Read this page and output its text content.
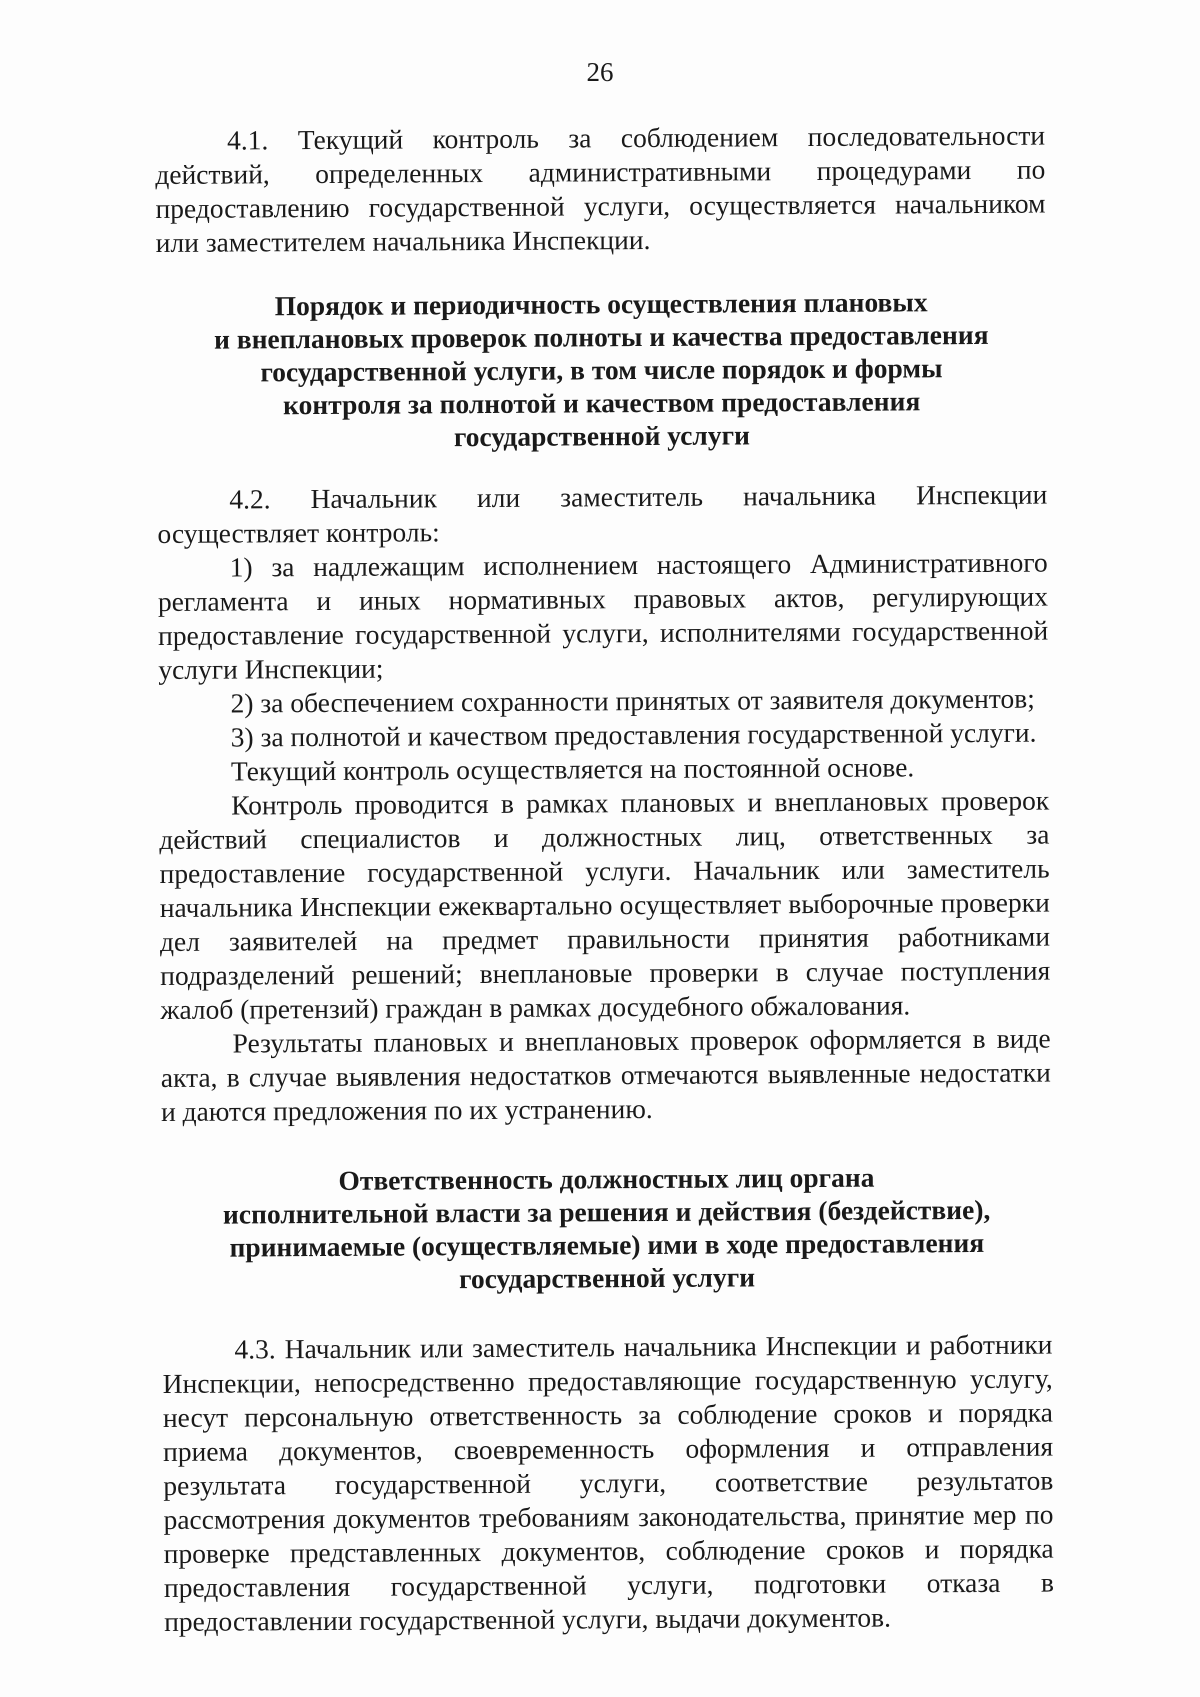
26

4.1. Текущий контроль за соблюдением последовательности действий, определенных административными процедурами по предоставлению государственной услуги, осуществляется начальником или заместителем начальника Инспекции.

Порядок и периодичность осуществления плановых
и внеплановых проверок полноты и качества предоставления
государственной услуги, в том числе порядок и формы
контроля за полнотой и качеством предоставления
государственной услуги

4.2. Начальник или заместитель начальника Инспекции осуществляет контроль:

1) за надлежащим исполнением настоящего Административного регламента и иных нормативных правовых актов, регулирующих предоставление государственной услуги, исполнителями государственной услуги Инспекции;

2) за обеспечением сохранности принятых от заявителя документов;

3) за полнотой и качеством предоставления государственной услуги.

Текущий контроль осуществляется на постоянной основе.

Контроль проводится в рамках плановых и внеплановых проверок действий специалистов и должностных лиц, ответственных за предоставление государственной услуги. Начальник или заместитель начальника Инспекции ежеквартально осуществляет выборочные проверки дел заявителей на предмет правильности принятия работниками подразделений решений; внеплановые проверки в случае поступления жалоб (претензий) граждан в рамках досудебного обжалования.

Результаты плановых и внеплановых проверок оформляется в виде акта, в случае выявления недостатков отмечаются выявленные недостатки и даются предложения по их устранению.

Ответственность должностных лиц органа
исполнительной власти за решения и действия (бездействие),
принимаемые (осуществляемые) ими в ходе предоставления
государственной услуги

4.3. Начальник или заместитель начальника Инспекции и работники Инспекции, непосредственно предоставляющие государственную услугу, несут персональную ответственность за соблюдение сроков и порядка приема документов, своевременность оформления и отправления результата государственной услуги, соответствие результатов рассмотрения документов требованиям законодательства, принятие мер по проверке представленных документов, соблюдение сроков и порядка предоставления государственной услуги, подготовки отказа в предоставлении государственной услуги, выдачи документов.
